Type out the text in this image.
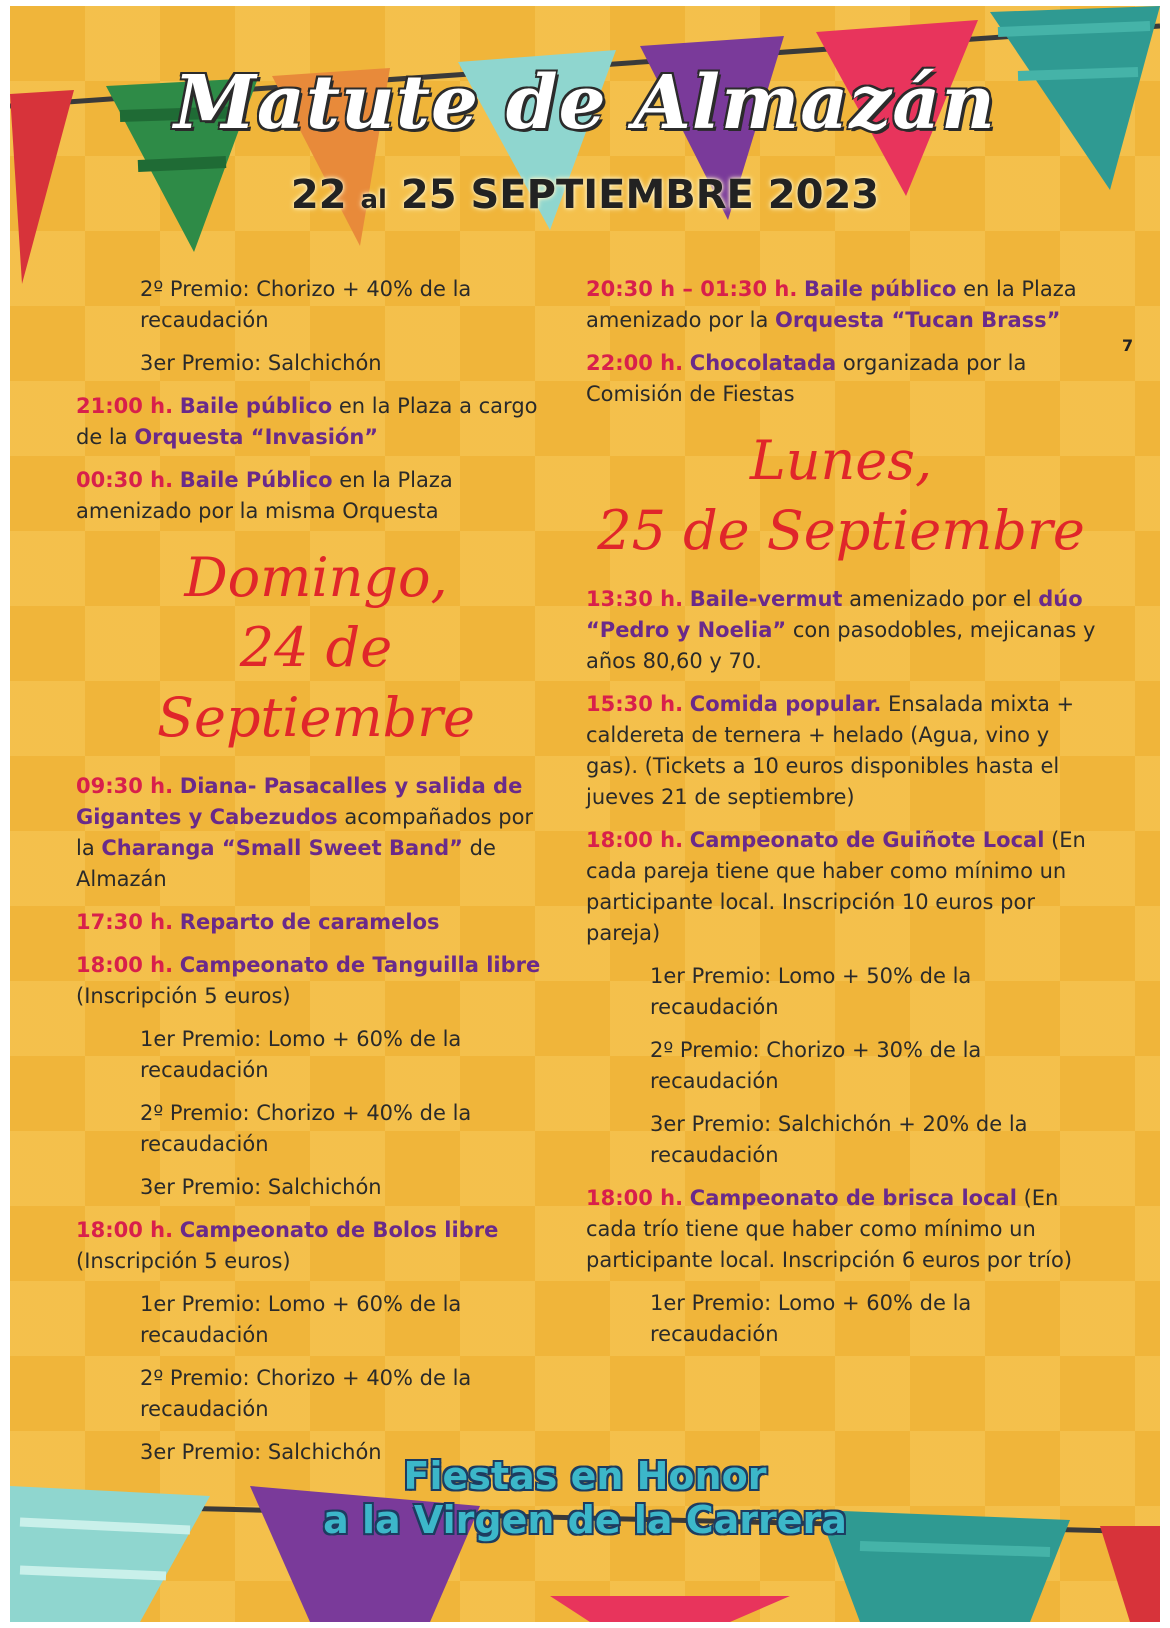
Matute de Almazán
22 al 25 SEPTIEMBRE 2023
7
2º Premio: Chorizo + 40% de la recaudación
3er Premio: Salchichón
21:00 h. Baile público en la Plaza a cargo de la Orquesta “Invasión”
00:30 h. Baile Público en la Plaza amenizado por la misma Orquesta
Domingo,
24 de Septiembre
09:30 h. Diana- Pasacalles y salida de Gigantes y Cabezudos acompañados por la Charanga “Small Sweet Band” de Almazán
17:30 h. Reparto de caramelos
18:00 h. Campeonato de Tanguilla libre (Inscripción 5 euros)
1er Premio: Lomo + 60% de la recaudación
2º Premio: Chorizo + 40% de la recaudación
3er Premio: Salchichón
18:00 h. Campeonato de Bolos libre (Inscripción 5 euros)
1er Premio: Lomo + 60% de la recaudación
2º Premio: Chorizo + 40% de la recaudación
3er Premio: Salchichón
20:30 h – 01:30 h. Baile público en la Plaza amenizado por la Orquesta “Tucan Brass”
22:00 h. Chocolatada organizada por la Comisión de Fiestas
Lunes,
25 de Septiembre
13:30 h. Baile-vermut amenizado por el dúo “Pedro y Noelia” con pasodobles, mejicanas y años 80,60 y 70.
15:30 h. Comida popular. Ensalada mixta + caldereta de ternera + helado (Agua, vino y gas). (Tickets a 10 euros disponibles hasta el jueves 21 de septiembre)
18:00 h. Campeonato de Guiñote Local (En cada pareja tiene que haber como mínimo un participante local. Inscripción 10 euros por pareja)
1er Premio: Lomo + 50% de la recaudación
2º Premio: Chorizo + 30% de la recaudación
3er Premio: Salchichón + 20% de la recaudación
18:00 h. Campeonato de brisca local (En cada trío tiene que haber como mínimo un participante local. Inscripción 6 euros por trío)
1er Premio: Lomo + 60% de la recaudación
Fiestas en Honor
a la Virgen de la Carrera
